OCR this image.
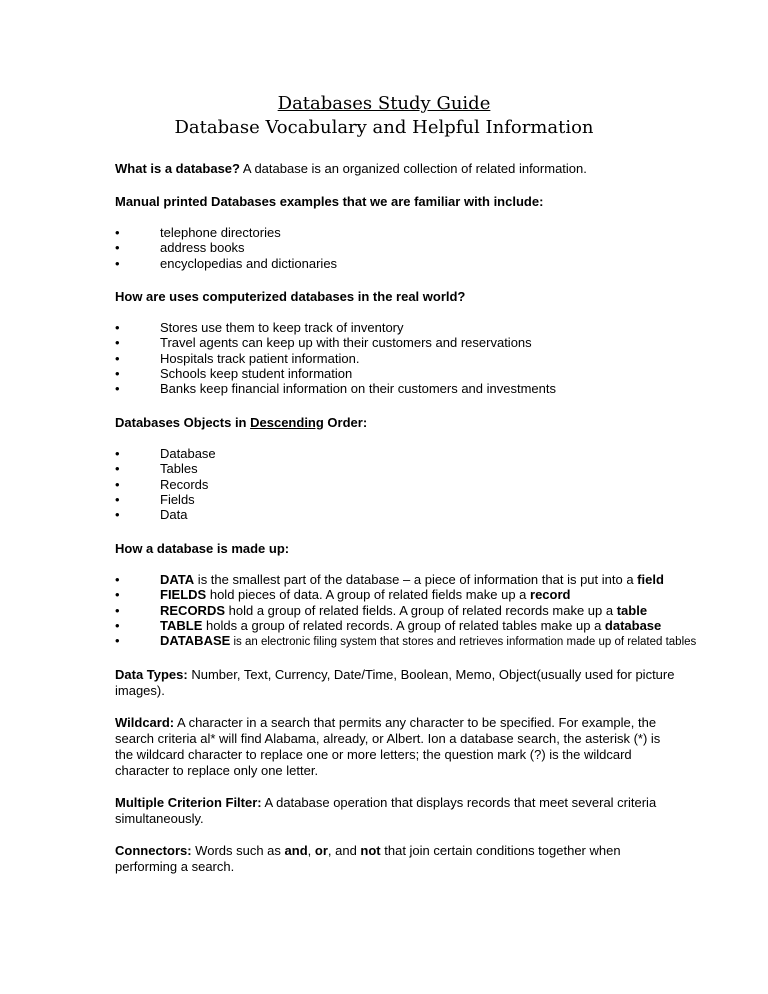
Databases Study Guide
Database Vocabulary and Helpful Information

What is a database? A database is an organized collection of related information.

Manual printed Databases examples that we are familiar with include:

•	telephone directories
•	address books
•	encyclopedias and dictionaries

How are uses computerized databases in the real world?

•	Stores use them to keep track of inventory
•	Travel agents can keep up with their customers and reservations
•	Hospitals track patient information.
•	Schools keep student information
•	Banks keep financial information on their customers and investments

Databases Objects in Descending Order:

•	Database
•	Tables
•	Records
•	Fields
•	Data

How a database is made up:

•	DATA is the smallest part of the database – a piece of information that is put into a field
•	FIELDS hold pieces of data. A group of related fields make up a record
•	RECORDS hold a group of related fields. A group of related records make up a table
•	TABLE holds a group of related records. A group of related tables make up a database
•	DATABASE is an electronic filing system that stores and retrieves information made up of related tables

Data Types: Number, Text, Currency, Date/Time, Boolean, Memo, Object(usually used for picture images).

Wildcard: A character in a search that permits any character to be specified. For example, the search criteria al* will find Alabama, already, or Albert. Ion a database search, the asterisk (*) is the wildcard character to replace one or more letters; the question mark (?) is the wildcard character to replace only one letter.

Multiple Criterion Filter: A database operation that displays records that meet several criteria simultaneously.

Connectors: Words such as and, or, and not that join certain conditions together when performing a search.
